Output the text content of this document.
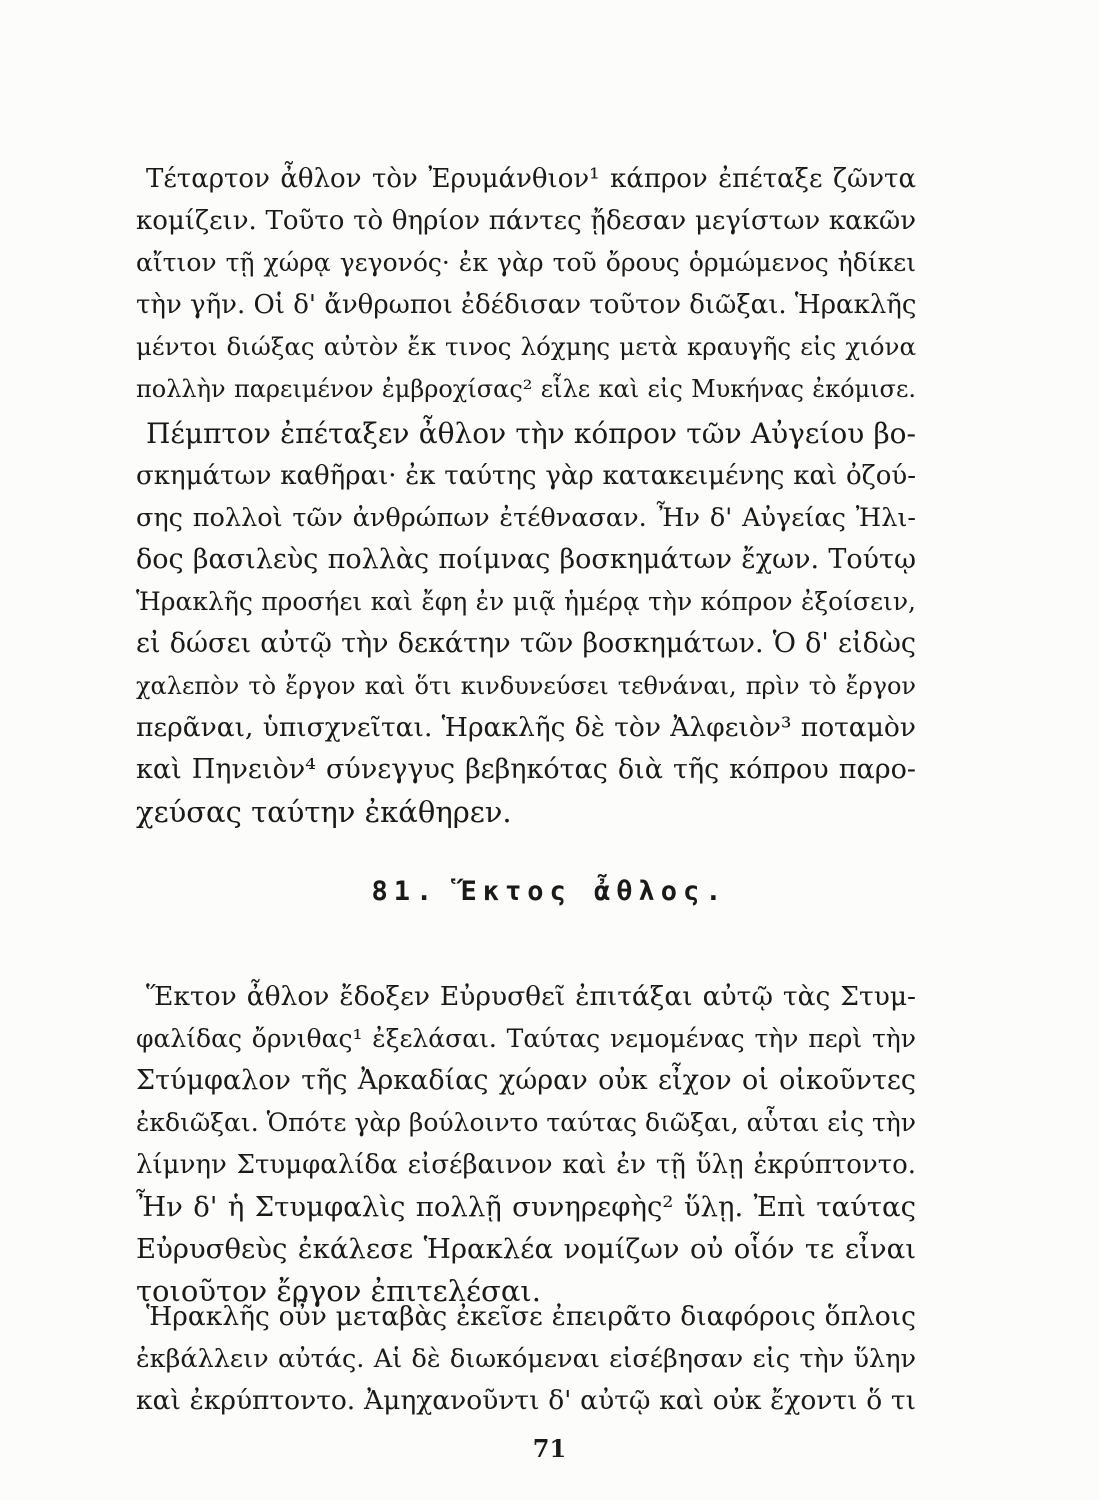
Τέταρτον ἆθλον τὸν Ἐρυμάνθιον¹ κάπρον ἐπέταξε ζῶντα
κομίζειν. Τοῦτο τὸ θηρίον πάντες ᾔδεσαν μεγίστων κακῶν
αἴτιον τῇ χώρᾳ γεγονός· ἐκ γὰρ τοῦ ὄρους ὁρμώμενος ἠδίκει
τὴν γῆν. Οἱ δ' ἄνθρωποι ἐδέδισαν τοῦτον διῶξαι. Ἡρακλῆς
μέντοι διώξας αὐτὸν ἔκ τινος λόχμης μετὰ κραυγῆς εἰς χιόνα
πολλὴν παρειμένον ἐμβροχίσας² εἷλε καὶ εἰς Μυκήνας ἐκόμισε.
Πέμπτον ἐπέταξεν ἆθλον τὴν κόπρον τῶν Αὐγείου βο-
σκημάτων καθῆραι· ἐκ ταύτης γὰρ κατακειμένης καὶ ὀζού-
σης πολλοὶ τῶν ἀνθρώπων ἐτέθνασαν. Ἦν δ' Αὐγείας Ἠλι-
δος βασιλεὺς πολλὰς ποίμνας βοσκημάτων ἔχων. Τούτῳ
Ἡρακλῆς προσήει καὶ ἔφη ἐν μιᾷ ἡμέρᾳ τὴν κόπρον ἐξοίσειν,
εἰ δώσει αὐτῷ τὴν δεκάτην τῶν βοσκημάτων. Ὁ δ' εἰδὼς
χαλεπὸν τὸ ἔργον καὶ ὅτι κινδυνεύσει τεθνάναι, πρὶν τὸ ἔργον
περᾶναι, ὑπισχνεῖται. Ἡρακλῆς δὲ τὸν Ἀλφειὸν³ ποταμὸν
καὶ Πηνειὸν⁴ σύνεγγυς βεβηκότας διὰ τῆς κόπρου παρο-
χεύσας ταύτην ἐκάθηρεν.
81. Ἕκτος ἆθλος.
Ἕκτον ἆθλον ἔδοξεν Εὐρυσθεῖ ἐπιτάξαι αὐτῷ τὰς Στυμ-
φαλίδας ὄρνιθας¹ ἐξελάσαι. Ταύτας νεμομένας τὴν περὶ τὴν
Στύμφαλον τῆς Ἀρκαδίας χώραν οὐκ εἶχον οἱ οἰκοῦντες
ἐκδιῶξαι. Ὁπότε γὰρ βούλοιντο ταύτας διῶξαι, αὗται εἰς τὴν
λίμνην Στυμφαλίδα εἰσέβαινον καὶ ἐν τῇ ὕλῃ ἐκρύπτοντο.
Ἦν δ' ἡ Στυμφαλὶς πολλῇ συνηρεφὴς² ὕλῃ. Ἐπὶ ταύτας
Εὐρυσθεὺς ἐκάλεσε Ἡρακλέα νομίζων οὐ οἷόν τε εἶναι
τοιοῦτον ἔργον ἐπιτελέσαι.
Ἡρακλῆς οὖν μεταβὰς ἐκεῖσε ἐπειρᾶτο διαφόροις ὅπλοις
ἐκβάλλειν αὐτάς. Αἱ δὲ διωκόμεναι εἰσέβησαν εἰς τὴν ὕλην
καὶ ἐκρύπτοντο. Ἀμηχανοῦντι δ' αὐτῷ καὶ οὐκ ἔχοντι ὅ τι
71
